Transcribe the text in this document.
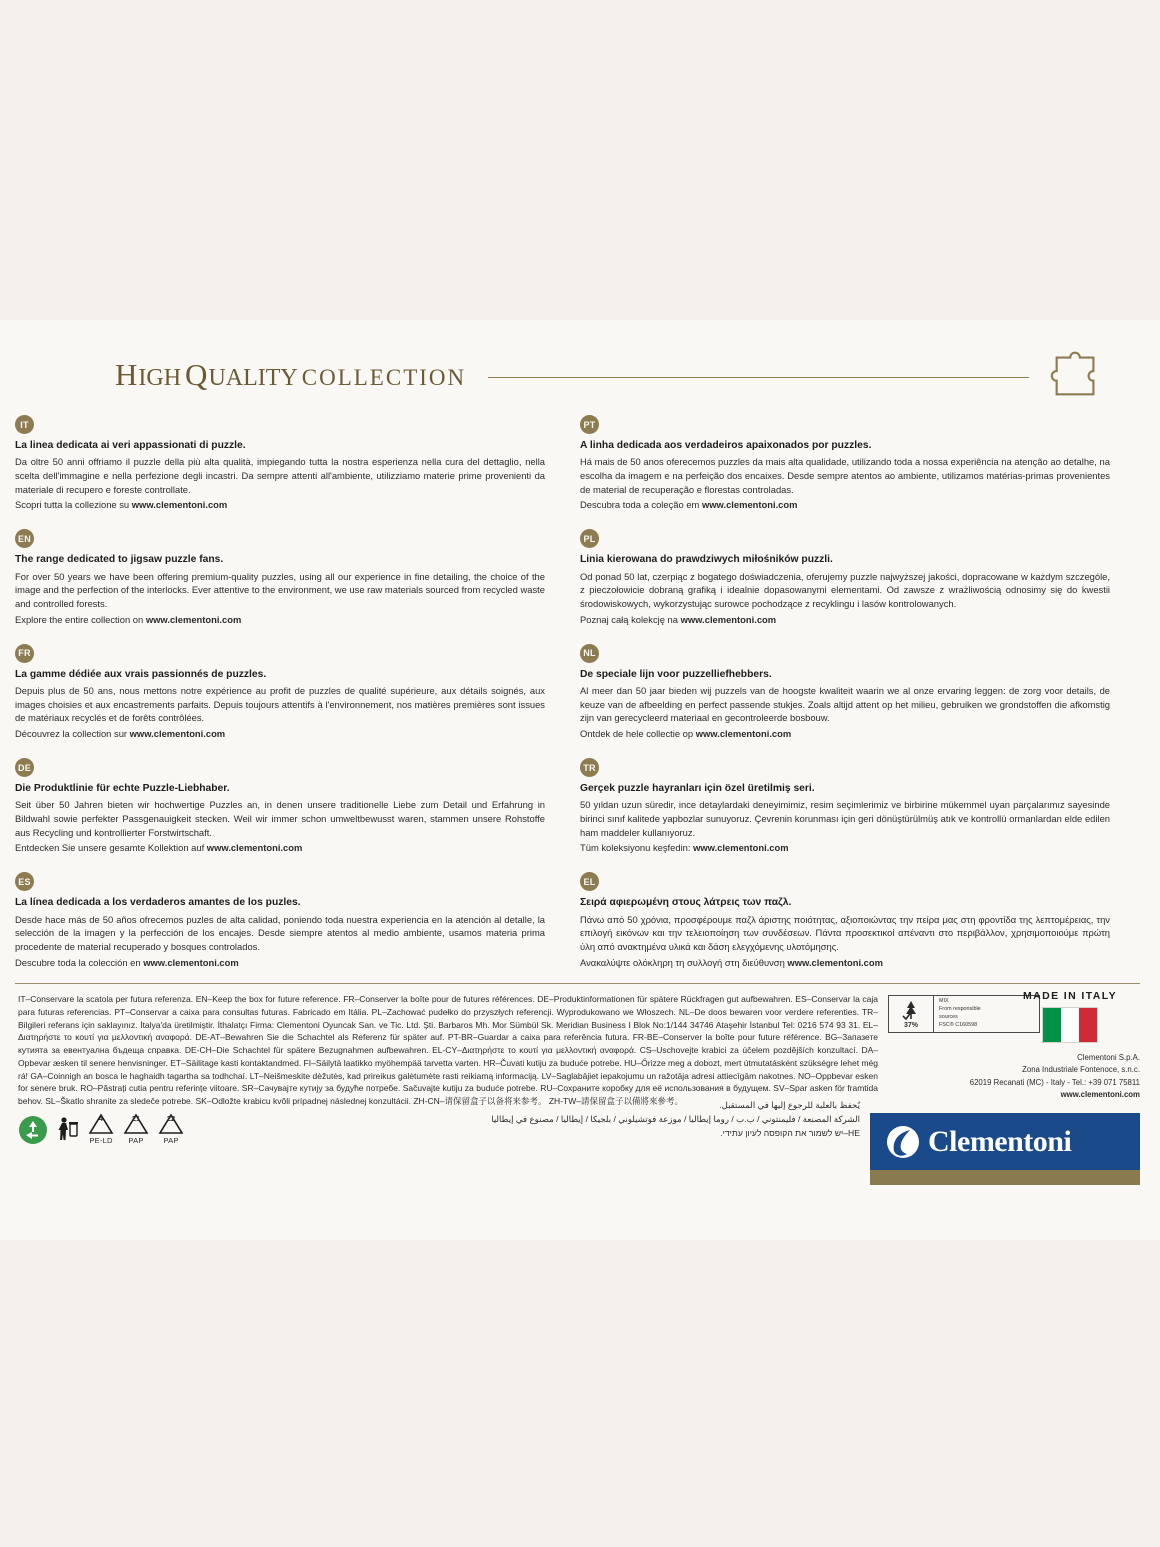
HIGH QUALITY COLLECTION
IT
La linea dedicata ai veri appassionati di puzzle.
Da oltre 50 anni offriamo il puzzle della più alta qualità, impiegando tutta la nostra esperienza nella cura del dettaglio, nella scelta dell'immagine e nella perfezione degli incastri. Da sempre attenti all'ambiente, utilizziamo materie prime provenienti da materiale di recupero e foreste controllate.
Scopri tutta la collezione su www.clementoni.com
EN
The range dedicated to jigsaw puzzle fans.
For over 50 years we have been offering premium-quality puzzles, using all our experience in fine detailing, the choice of the image and the perfection of the interlocks. Ever attentive to the environment, we use raw materials sourced from recycled waste and controlled forests.
Explore the entire collection on www.clementoni.com
FR
La gamme dédiée aux vrais passionnés de puzzles.
Depuis plus de 50 ans, nous mettons notre expérience au profit de puzzles de qualité supérieure, aux détails soignés, aux images choisies et aux encastrements parfaits. Depuis toujours attentifs à l'environnement, nos matières premières sont issues de matériaux recyclés et de forêts contrôlées.
Découvrez la collection sur www.clementoni.com
DE
Die Produktlinie für echte Puzzle-Liebhaber.
Seit über 50 Jahren bieten wir hochwertige Puzzles an, in denen unsere traditionelle Liebe zum Detail und Erfahrung in Bildwahl sowie perfekter Passgenauigkeit stecken. Weil wir immer schon umweltbewusst waren, stammen unsere Rohstoffe aus Recycling und kontrollierter Forstwirtschaft.
Entdecken Sie unsere gesamte Kollektion auf www.clementoni.com
ES
La línea dedicada a los verdaderos amantes de los puzles.
Desde hace más de 50 años ofrecemos puzles de alta calidad, poniendo toda nuestra experiencia en la atención al detalle, la selección de la imagen y la perfección de los encajes. Desde siempre atentos al medio ambiente, usamos materia prima procedente de material recuperado y bosques controlados.
Descubre toda la colección en www.clementoni.com
PT
A linha dedicada aos verdadeiros apaixonados por puzzles.
Há mais de 50 anos oferecemos puzzles da mais alta qualidade, utilizando toda a nossa experiência na atenção ao detalhe, na escolha da imagem e na perfeição dos encaixes. Desde sempre atentos ao ambiente, utilizamos matérias-primas provenientes de material de recuperação e florestas controladas.
Descubra toda a coleção em www.clementoni.com
PL
Linia kierowana do prawdziwych miłośników puzzli.
Od ponad 50 lat, czerpiąc z bogatego doświadczenia, oferujemy puzzle najwyższej jakości, dopracowane w każdym szczególe, z pieczołowicie dobraną grafiką i idealnie dopasowanymi elementami. Od zawsze z wrażliwością odnosimy się do kwestii środowiskowych, wykorzystując surowce pochodzące z recyklingu i lasów kontrolowanych.
Poznaj całą kolekcję na www.clementoni.com
NL
De speciale lijn voor puzzelliefhebbers.
Al meer dan 50 jaar bieden wij puzzels van de hoogste kwaliteit waarin we al onze ervaring leggen: de zorg voor details, de keuze van de afbeelding en perfect passende stukjes. Zoals altijd attent op het milieu, gebruiken we grondstoffen die afkomstig zijn van gerecycleerd materiaal en gecontroleerde bosbouw.
Ontdek de hele collectie op www.clementoni.com
TR
Gerçek puzzle hayranları için özel üretilmiş seri.
50 yıldan uzun süredir, ince detaylardaki deneyimimiz, resim seçimlerimiz ve birbirine mükemmel uyan parçalarımız sayesinde birinci sınıf kalitede yapbozlar sunuyoruz. Çevrenin korunması için geri dönüştürülmüş atık ve kontrollü ormanlardan elde edilen ham maddeler kullanıyoruz.
Tüm koleksiyonu keşfedin: www.clementoni.com
EL
Σειρά αφιερωμένη στους λάτρεις των παζλ.
Πάνω από 50 χρόνια, προσφέρουμε παζλ άριστης ποιότητας, αξιοποιώντας την πείρα μας στη φροντίδα της λεπτομέρειας, την επιλογή εικόνων και την τελειοποίηση των συνδέσεων. Πάντα προσεκτικοί απέναντι στο περιβάλλον, χρησιμοποιούμε πρώτη ύλη από ανακτημένα υλικά και δάση ελεγχόμενης υλοτόμησης.
Ανακαλύψτε ολόκληρη τη συλλογή στη διεύθυνση www.clementoni.com
IT–Conservare la scatola per futura referenza. EN–Keep the box for future reference. FR–Conserver la boîte pour de futures références. DE–Produktinformationen für spätere Rückfragen gut aufbewahren. ES–Conservar la caja para futuras referencias. PT–Conservar a caixa para consultas futuras. Fabricado em Itália. PL–Zachować pudełko do przyszłych referencji. Wyprodukowano we Włoszech. NL–De doos bewaren voor verdere referenties. TR–Bilgileri referans için saklayınız. İtalya'da üretilmiştir. İthalatçı Firma: Clementoni Oyuncak San. ve Tic. Ltd. Şti. Barbaros Mh. Mor Sümbül Sk. Meridian Business I Blok No:1/144 34746 Ataşehir İstanbul Tel: 0216 574 93 31. EL–Διατηρήστε το κουτί για μελλοντική αναφορά. DE-AT–Bewahren Sie die Schachtel als Referenz für später auf. PT-BR–Guardar a caixa para referência futura. FR-BE–Conserver la boîte pour future référence. BG–Запазете кутията за евентуална бъдеща справка. DE-CH–Die Schachtel für spätere Bezugnahmen aufbewahren. EL-CY–Διατηρήστε το κουτί για μελλοντική αναφορά. CS–Uschovejte krabici za účelem pozdějších konzultací. DA–Opbevar æsken til senere henvisninger. ET–Säilitage kasti kontaktandmed. FI–Säilytä laatikko myöhempää tarvetta varten. HR–Čuvati kutiju za buduće potrebe. HU–Őrizze meg a dobozt, mert útmutatásként szükségre lehet még rá! GA–Coinnigh an bosca le haghaidh tagartha sa todhchaí. LT–Neišmeskite dėžutės, kad prireikus galėtumėte rasti reikiamą informaciją. LV–Saglabājiet iepakojumu un ražotāja adresi attiecīgām nakotnes. NO–Oppbevar esken for senere bruk. RO–Păstrați cutia pentru referințe viitoare. SR–Сачувајте кутију за будуће потребе. Sačuvajte kutiju za buduće potrebe. RU–Сохраните коробку для её использования в будущем. SV–Spar asken för framtida behov. SL–Škatlo shranite za sledeče potrebe. SK–Odložte krabicu kvôli prípadnej následnej konzultácii. ZH-CN–请保留盒子以备将来参考。 ZH-TW–請保留盒子以備將來參考。	يُحفظ بالعلبة للرجوع إليها في المستقبل.
الشركة المصنعة / فليمنتوني / ب.ب / روما إيطاليا / موزعة فوتشيلوني / بلجيكا / إيطاليا / مصنوع في إيطاليا
HE–יש לשמור את הקופסה לעיון עתידי.
4
PE-LD
21
PAP
22
PAP
37%
MIX
From responsible
sources
FSC® C160598
MADE IN ITALY
Clementoni S.p.A.
Zona Industriale Fontenoce, s.n.c.
62019 Recanati (MC) - Italy - Tel.: +39 071 75811
www.clementoni.com
Clementoni
